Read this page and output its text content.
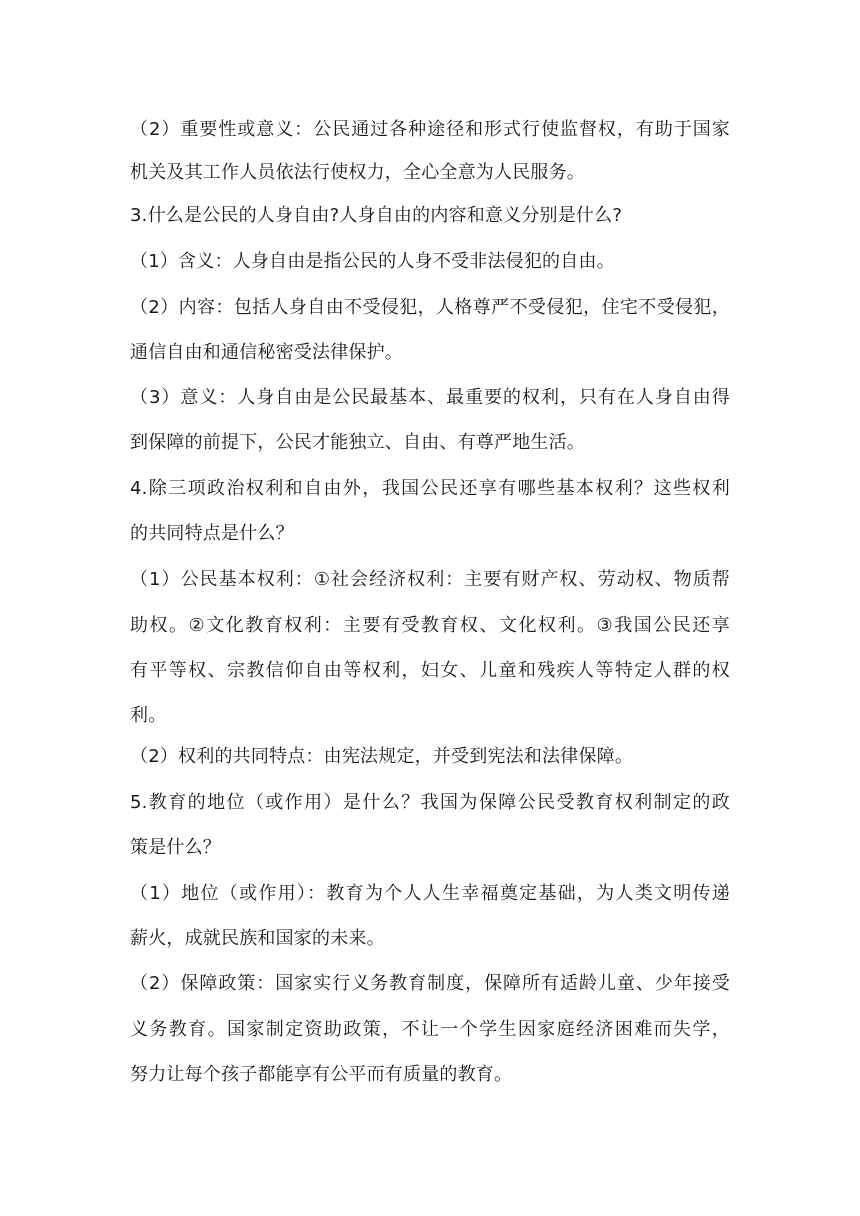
（2）重要性或意义：公民通过各种途径和形式行使监督权，有助于国家
机关及其工作人员依法行使权力，全心全意为人民服务。
3.什么是公民的人身自由?人身自由的内容和意义分别是什么?
（1）含义：人身自由是指公民的人身不受非法侵犯的自由。
（2）内容：包括人身自由不受侵犯，人格尊严不受侵犯，住宅不受侵犯，
通信自由和通信秘密受法律保护。
（3）意义：人身自由是公民最基本、最重要的权利，只有在人身自由得
到保障的前提下，公民才能独立、自由、有尊严地生活。
4.除三项政治权利和自由外，我国公民还享有哪些基本权利？这些权利
的共同特点是什么？
（1）公民基本权利：①社会经济权利：主要有财产权、劳动权、物质帮
助权。②文化教育权利：主要有受教育权、文化权利。③我国公民还享
有平等权、宗教信仰自由等权利，妇女、儿童和残疾人等特定人群的权
利。
（2）权利的共同特点：由宪法规定，并受到宪法和法律保障。
5.教育的地位（或作用）是什么？我国为保障公民受教育权利制定的政
策是什么？
（1）地位（或作用）：教育为个人人生幸福奠定基础，为人类文明传递
薪火，成就民族和国家的未来。
（2）保障政策：国家实行义务教育制度，保障所有适龄儿童、少年接受
义务教育。国家制定资助政策，不让一个学生因家庭经济困难而失学，
努力让每个孩子都能享有公平而有质量的教育。
